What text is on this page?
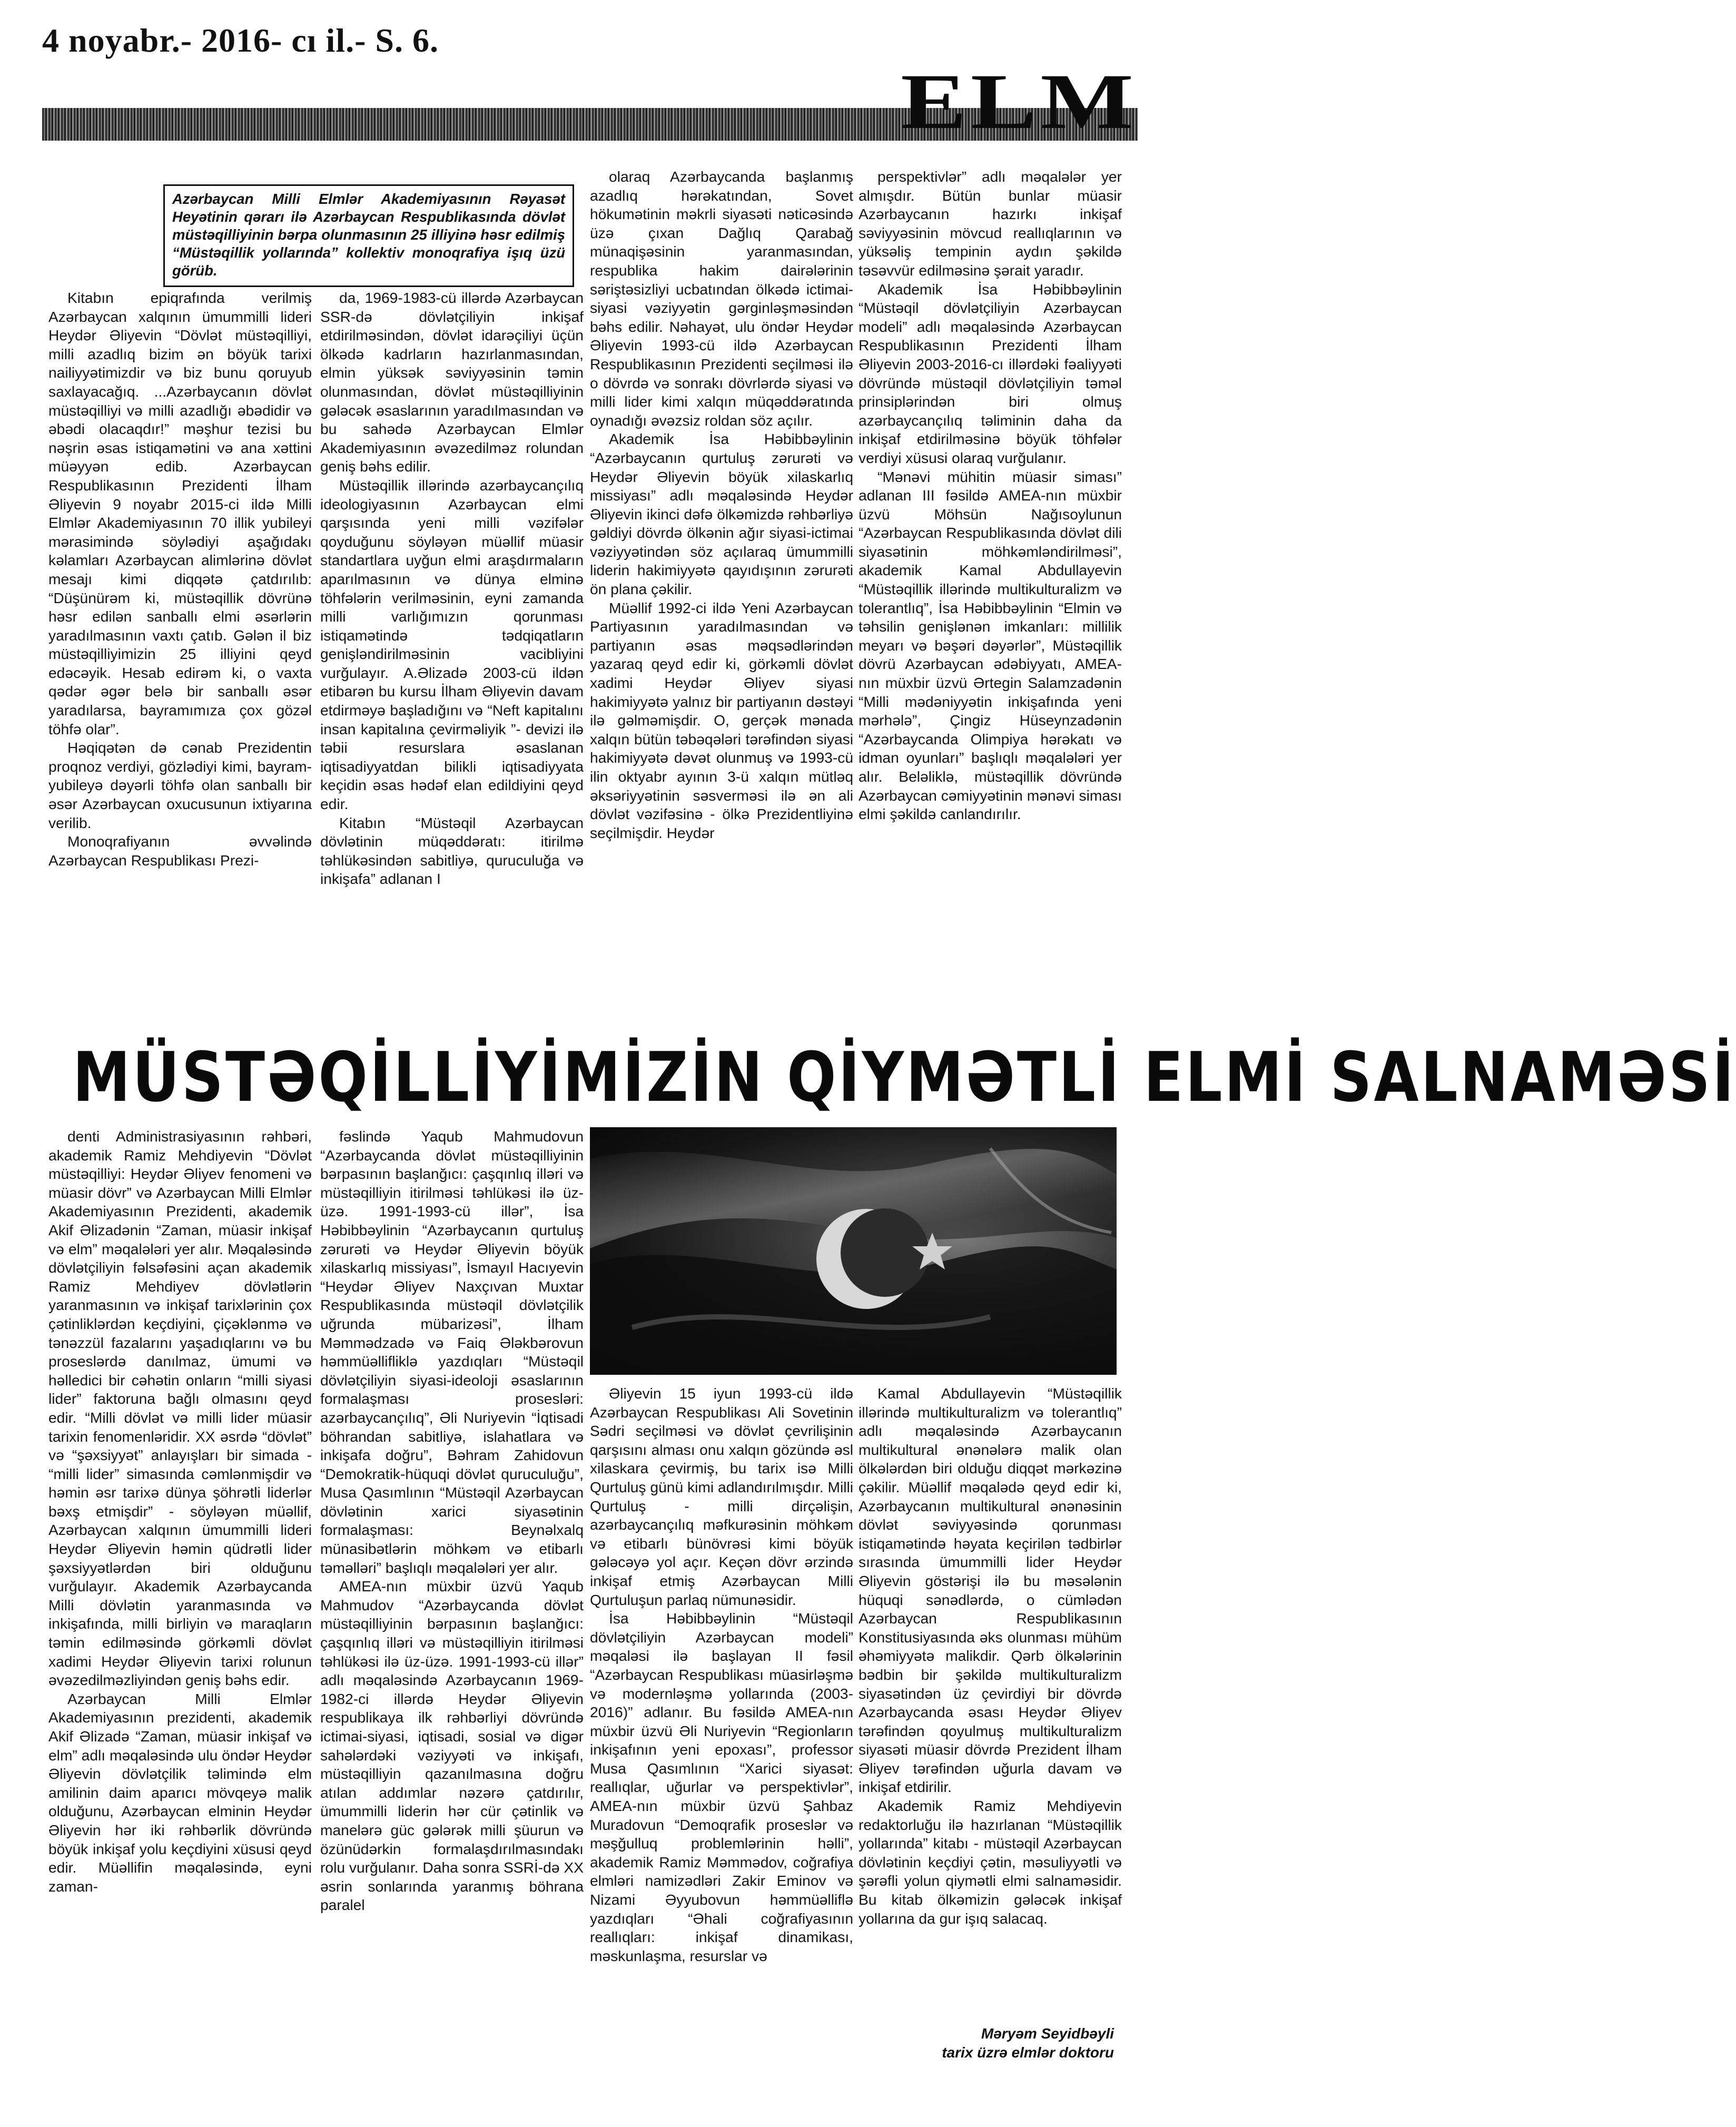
4 noyabr.- 2016- cı il.- S. 6.
ELM
Azərbaycan Milli Elmlər Akademiyasının Rəyasət Heyətinin qərarı ilə Azərbaycan Respublikasında dövlət müstəqilliyinin bərpa olunmasının 25 illiyinə həsr edilmiş “Müstəqillik yollarında” kollektiv monoqrafiya işıq üzü görüb.

Kitabın epiqrafında verilmiş Azərbaycan xalqının ümummilli lideri Heydər Əliyevin “Dövlət müstəqilliyi, milli azadlıq bizim ən böyük tarixi nailiyyətimizdir və biz bunu qoruyub saxlayacağıq. ...Azərbaycanın dövlət müstəqilliyi və milli azadlığı əbədidir və əbədi olacaqdır!” məşhur tezisi bu nəşrin əsas istiqamətini və ana xəttini müəyyən edib. Azərbaycan Respublikasının Prezidenti İlham Əliyevin 9 noyabr 2015-ci ildə Milli Elmlər Akademiyasının 70 illik yubileyi mərasimində söylədiyi aşağıdakı kəlamları Azərbaycan alimlərinə dövlət mesajı kimi diqqətə çatdırılıb: “Düşünürəm ki, müstəqillik dövrünə həsr edilən sanballı elmi əsərlərin yaradılmasının vaxtı çatıb. Gələn il biz müstəqilliyimizin 25 illiyini qeyd edəcəyik. Hesab edirəm ki, o vaxta qədər əgər belə bir sanballı əsər yaradılarsa, bayramımıza çox gözəl töhfə olar”.

Həqiqətən də cənab Prezidentin proqnoz verdiyi, gözlədiyi kimi, bayram-yubileyə dəyərli töhfə olan sanballı bir əsər Azərbaycan oxucusunun ixtiyarına verilib.

Monoqrafiyanın əvvəlində Azərbaycan Respublikası Prezi-

da, 1969-1983-cü illərdə Azərbaycan SSR-də dövlətçiliyin inkişaf etdirilməsindən, dövlət idarəçiliyi üçün ölkədə kadrların hazırlanmasından, elmin yüksək səviyyəsinin təmin olunmasından, dövlət müstəqilliyinin gələcək əsaslarının yaradılmasından və bu sahədə Azərbaycan Elmlər Akademiyasının əvəzedilməz rolundan geniş bəhs edilir.

Müstəqillik illərində azərbaycançılıq ideologiyasının Azərbaycan elmi qarşısında yeni milli vəzifələr qoyduğunu söyləyən müəllif müasir standartlara uyğun elmi araşdırmaların aparılmasının və dünya elminə töhfələrin verilməsinin, eyni zamanda milli varlığımızın qorunması istiqamətində tədqiqatların genişləndirilməsinin vacibliyini vurğulayır. A.Əlizadə 2003-cü ildən etibarən bu kursu İlham Əliyevin davam etdirməyə başladığını və “Neft kapitalını insan kapitalına çevirməliyik ”- devizi ilə təbii resurslara əsaslanan iqtisadiyyatdan bilikli iqtisadiyyata keçidin əsas hədəf elan edildiyini qeyd edir.

Kitabın “Müstəqil Azərbaycan dövlətinin müqəddəratı: itirilmə təhlükəsindən sabitliyə, quruculuğa və inkişafa” adlanan I

olaraq Azərbaycanda başlanmış azadlıq hərəkatından, Sovet hökumətinin məkrli siyasəti nəticəsində üzə çıxan Dağlıq Qarabağ münaqişəsinin yaranmasından, respublika hakim dairələrinin səriştəsizliyi ucbatından ölkədə ictimai-siyasi vəziyyətin gərginləşməsindən bəhs edilir. Nəhayət, ulu öndər Heydər Əliyevin 1993-cü ildə Azərbaycan Respublikasının Prezidenti seçilməsi ilə o dövrdə və sonrakı dövrlərdə siyasi və milli lider kimi xalqın müqəddəratında oynadığı əvəzsiz roldan söz açılır.

Akademik İsa Həbibbəylinin “Azərbaycanın qurtuluş zərurəti və Heydər Əliyevin böyük xilaskarlıq missiyası” adlı məqaləsində Heydər Əliyevin ikinci dəfə ölkəmizdə rəhbərliyə gəldiyi dövrdə ölkənin ağır siyasi-ictimai vəziyyətindən söz açılaraq ümummilli liderin hakimiyyətə qayıdışının zərurəti ön plana çəkilir.

Müəllif 1992-ci ildə Yeni Azərbaycan Partiyasının yaradılmasından və partiyanın əsas məqsədlərindən yazaraq qeyd edir ki, görkəmli dövlət xadimi Heydər Əliyev siyasi hakimiyyətə yalnız bir partiyanın dəstəyi ilə gəlməmişdir. O, gerçək mənada xalqın bütün təbəqələri tərəfindən siyasi hakimiyyətə dəvət olunmuş və 1993-cü ilin oktyabr ayının 3-ü xalqın mütləq əksəriyyətinin səsverməsi ilə ən ali dövlət vəzifəsinə - ölkə Prezidentliyinə seçilmişdir. Heydər

perspektivlər” adlı məqalələr yer almışdır. Bütün bunlar müasir Azərbaycanın hazırkı inkişaf səviyyəsinin mövcud reallıqlarının və yüksəliş tempinin aydın şəkildə təsəvvür edilməsinə şərait yaradır.

Akademik İsa Həbibbəylinin “Müstəqil dövlətçiliyin Azərbaycan modeli” adlı məqaləsində Azərbaycan Respublikasının Prezidenti İlham Əliyevin 2003-2016-cı illərdəki fəaliyyəti dövründə müstəqil dövlətçiliyin təməl prinsiplərindən biri olmuş azərbaycançılıq təliminin daha da inkişaf etdirilməsinə böyük töhfələr verdiyi xüsusi olaraq vurğulanır.

“Mənəvi mühitin müasir siması” adlanan III fəsildə AMEA-nın müxbir üzvü Möhsün Nağısoylunun “Azərbaycan Respublikasında dövlət dili siyasətinin möhkəmləndirilməsi”, akademik Kamal Abdullayevin “Müstəqillik illərində multikulturalizm və tolerantlıq”, İsa Həbibbəylinin “Elmin və təhsilin genişlənən imkanları: millilik meyarı və bəşəri dəyərlər”, Müstəqillik dövrü Azərbaycan ədəbiyyatı, AMEA-nın müxbir üzvü Ərtegin Salamzadənin “Milli mədəniyyətin inkişafında yeni mərhələ”, Çingiz Hüseynzadənin “Azərbaycanda Olimpiya hərəkatı və idman oyunları” başlıqlı məqalələri yer alır. Beləliklə, müstəqillik dövründə Azərbaycan cəmiyyətinin mənəvi siması elmi şəkildə canlandırılır.

MÜSTƏQİLLİYİMİZİN QİYMƏTLİ ELMİ SALNAMƏSİ

denti Administrasiyasının rəhbəri, akademik Ramiz Mehdiyevin “Dövlət müstəqilliyi: Heydər Əliyev fenomeni və müasir dövr” və Azərbaycan Milli Elmlər Akademiyasının Prezidenti, akademik Akif Əlizadənin “Zaman, müasir inkişaf və elm” məqalələri yer alır. Məqaləsində dövlətçiliyin fəlsəfəsini açan akademik Ramiz Mehdiyev dövlətlərin yaranmasının və inkişaf tarixlərinin çox çətinliklərdən keçdiyini, çiçəklənmə və tənəzzül fazalarını yaşadıqlarını və bu proseslərdə danılmaz, ümumi və həlledici bir cəhətin onların “milli siyasi lider” faktoruna bağlı olmasını qeyd edir. “Milli dövlət və milli lider müasir tarixin fenomenləridir. XX əsrdə “dövlət” və “şəxsiyyət” anlayışları bir simada - “milli lider” simasında cəmlənmişdir və həmin əsr tarixə dünya şöhrətli liderlər bəxş etmişdir” - söyləyən müəllif, Azərbaycan xalqının ümummilli lideri Heydər Əliyevin həmin qüdrətli lider şəxsiyyətlərdən biri olduğunu vurğulayır. Akademik Azərbaycanda Milli dövlətin yaranmasında və inkişafında, milli birliyin və maraqların təmin edilməsində görkəmli dövlət xadimi Heydər Əliyevin tarixi rolunun əvəzedilməzliyindən geniş bəhs edir.

Azərbaycan Milli Elmlər Akademiyasının prezidenti, akademik Akif Əlizadə “Zaman, müasir inkişaf və elm” adlı məqaləsində ulu öndər Heydər Əliyevin dövlətçilik təlimində elm amilinin daim aparıcı mövqeyə malik olduğunu, Azərbaycan elminin Heydər Əliyevin hər iki rəhbərlik dövründə böyük inkişaf yolu keçdiyini xüsusi qeyd edir. Müəllifin məqaləsində, eyni zaman-

fəslində Yaqub Mahmudovun “Azərbaycanda dövlət müstəqilliyinin bərpasının başlanğıcı: çaşqınlıq illəri və müstəqilliyin itirilməsi təhlükəsi ilə üz-üzə. 1991-1993-cü illər”, İsa Həbibbəylinin “Azərbaycanın qurtuluş zərurəti və Heydər Əliyevin böyük xilaskarlıq missiyası”, İsmayıl Hacıyevin “Heydər Əliyev Naxçıvan Muxtar Respublikasında müstəqil dövlətçilik uğrunda mübarizəsi”, İlham Məmmədzadə və Faiq Ələkbərovun həmmüəllifliklə yazdıqları “Müstəqil dövlətçiliyin siyasi-ideoloji əsaslarının formalaşması prosesləri: azərbaycançılıq”, Əli Nuriyevin “İqtisadi böhrandan sabitliyə, islahatlara və inkişafa doğru”, Bəhram Zahidovun “Demokratik-hüquqi dövlət quruculuğu”, Musa Qasımlının “Müstəqil Azərbaycan dövlətinin xarici siyasətinin formalaşması: Beynəlxalq münasibətlərin möhkəm və etibarlı təməlləri” başlıqlı məqalələri yer alır.

AMEA-nın müxbir üzvü Yaqub Mahmudov “Azərbaycanda dövlət müstəqilliyinin bərpasının başlanğıcı: çaşqınlıq illəri və müstəqilliyin itirilməsi təhlükəsi ilə üz-üzə. 1991-1993-cü illər” adlı məqaləsində Azərbaycanın 1969-1982-ci illərdə Heydər Əliyevin respublikaya ilk rəhbərliyi dövründə ictimai-siyasi, iqtisadi, sosial və digər sahələrdəki vəziyyəti və inkişafı, müstəqilliyin qazanılmasına doğru atılan addımlar nəzərə çatdırılır, ümummilli liderin hər cür çətinlik və manelərə güc gələrək milli şüurun və özünüdərkin formalaşdırılmasındakı rolu vurğulanır. Daha sonra SSRİ-də XX əsrin sonlarında yaranmış böhrana paralel

Əliyevin 15 iyun 1993-cü ildə Azərbaycan Respublikası Ali Sovetinin Sədri seçilməsi və dövlət çevrilişinin qarşısını alması onu xalqın gözündə əsl xilaskara çevirmiş, bu tarix isə Milli Qurtuluş günü kimi adlandırılmışdır. Milli Qurtuluş - milli dirçəlişin, azərbaycançılıq məfkurəsinin möhkəm və etibarlı bünövrəsi kimi böyük gələcəyə yol açır. Keçən dövr ərzində inkişaf etmiş Azərbaycan Milli Qurtuluşun parlaq nümunəsidir.

İsa Həbibbəylinin “Müstəqil dövlətçiliyin Azərbaycan modeli” məqaləsi ilə başlayan II fəsil “Azərbaycan Respublikası müasirləşmə və modernləşmə yollarında (2003-2016)” adlanır. Bu fəsildə AMEA-nın müxbir üzvü Əli Nuriyevin “Regionların inkişafının yeni epoxası”, professor Musa Qasımlının “Xarici siyasət: reallıqlar, uğurlar və perspektivlər”, AMEA-nın müxbir üzvü Şahbaz Muradovun “Demoqrafik proseslər və məşğulluq problemlərinin həlli”, akademik Ramiz Məmmədov, coğrafiya elmləri namizədləri Zakir Eminov və Nizami Əyyubovun həmmüəlliflə yazdıqları “Əhali coğrafiyasının reallıqları: inkişaf dinamikası, məskunlaşma, resurslar və

Kamal Abdullayevin “Müstəqillik illərində multikulturalizm və tolerantlıq” adlı məqaləsində Azərbaycanın multikultural ənənələrə malik olan ölkələrdən biri olduğu diqqət mərkəzinə çəkilir. Müəllif məqalədə qeyd edir ki, Azərbaycanın multikultural ənənəsinin dövlət səviyyəsində qorunması istiqamətində həyata keçirilən tədbirlər sırasında ümummilli lider Heydər Əliyevin göstərişi ilə bu məsələnin hüquqi sənədlərdə, o cümlədən Azərbaycan Respublikasının Konstitusiyasında əks olunması mühüm əhəmiyyətə malikdir. Qərb ölkələrinin bədbin bir şəkildə multikulturalizm siyasətindən üz çevirdiyi bir dövrdə Azərbaycanda əsası Heydər Əliyev tərəfindən qoyulmuş multikulturalizm siyasəti müasir dövrdə Prezident İlham Əliyev tərəfindən uğurla davam və inkişaf etdirilir.

Akademik Ramiz Mehdiyevin redaktorluğu ilə hazırlanan “Müstəqillik yollarında” kitabı - müstəqil Azərbaycan dövlətinin keçdiyi çətin, məsuliyyətli və şərəfli yolun qiymətli elmi salnaməsidir. Bu kitab ölkəmizin gələcək inkişaf yollarına da gur işıq salacaq.

Məryəm Seyidbəyli
tarix üzrə elmlər doktoru
